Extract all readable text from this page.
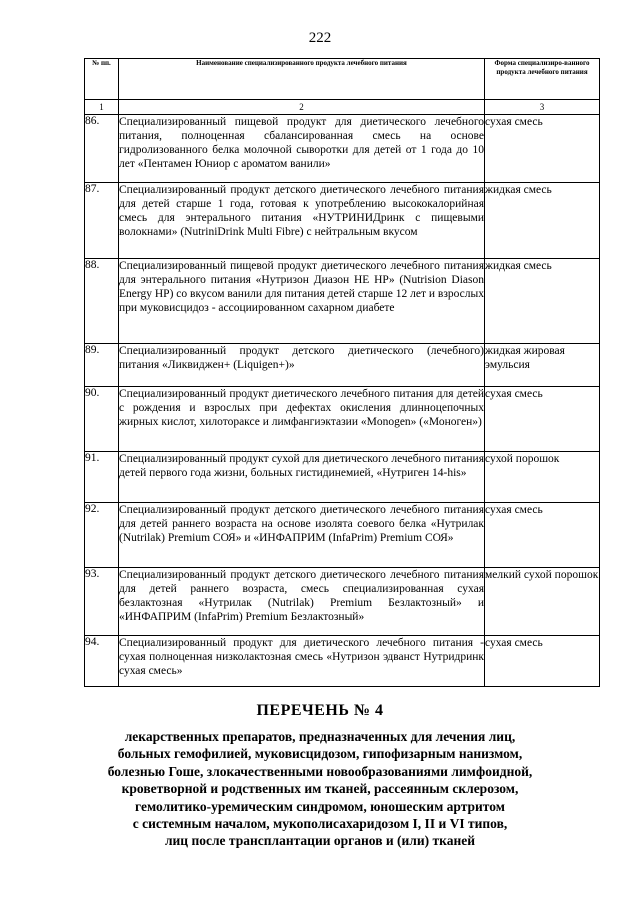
222
№ пп.	Наименование специализированного продукта лечебного питания	Форма специализиро-ванного продукта лечебного питания
1	2	3
86.	Специализированный пищевой продукт для диетического лечебного питания, полноценная сбалансированная смесь на основе гидролизованного белка молочной сыворотки для детей от 1 года до 10 лет «Пентамен Юниор с ароматом ванили»	сухая смесь
87.	Специализированный продукт детского диетического лечебного питания для детей старше 1 года, готовая к употреблению высококалорийная смесь для энтерального питания «НУТРИНИДринк с пищевыми волокнами» (NutriniDrink Multi Fibre) с нейтральным вкусом	жидкая смесь
88.	Специализированный пищевой продукт диетического лечебного питания для энтерального питания «Нутризон Диазон НЕ HP» (Nutrision Diason Energy HP) со вкусом ванили для питания детей старше 12 лет и взрослых при муковисцидоз - ассоциированном сахарном диабете	жидкая смесь
89.	Специализированный продукт детского диетического (лечебного) питания «Ликвиджен+ (Liquigen+)»	жидкая жировая эмульсия
90.	Специализированный продукт диетического лечебного питания для детей с рождения и взрослых при дефектах окисления длинноцепочных жирных кислот, хилотораксе и лимфангиэктазии «Monogen» («Моноген»)	сухая смесь
91.	Специализированный продукт сухой для диетического лечебного питания детей первого года жизни, больных гистидинемией, «Нутриген 14-his»	сухой порошок
92.	Специализированный продукт детского диетического лечебного питания для детей раннего возраста на основе изолята соевого белка «Нутрилак (Nutrilak) Premium СОЯ» и «ИНФАПРИМ (InfaPrim) Premium СОЯ»	сухая смесь
93.	Специализированный продукт детского диетического лечебного питания для детей раннего возраста, смесь специализированная сухая безлактозная «Нутрилак (Nutrilak) Premium Безлактозный» и «ИНФАПРИМ (InfaPrim) Premium Безлактозный»	мелкий сухой порошок
94.	Специализированный продукт для диетического лечебного питания - сухая полноценная низколактозная смесь «Нутризон эдванст Нутридринк сухая смесь»	сухая смесь
ПЕРЕЧЕНЬ № 4
лекарственных препаратов, предназначенных для лечения лиц,
больных гемофилией, муковисцидозом, гипофизарным нанизмом,
болезнью Гоше, злокачественными новообразованиями лимфоидной,
кроветворной и родственных им тканей, рассеянным склерозом,
гемолитико-уремическим синдромом, юношеским артритом
с системным началом, мукополисахаридозом I, II и VI типов,
лиц после трансплантации органов и (или) тканей
